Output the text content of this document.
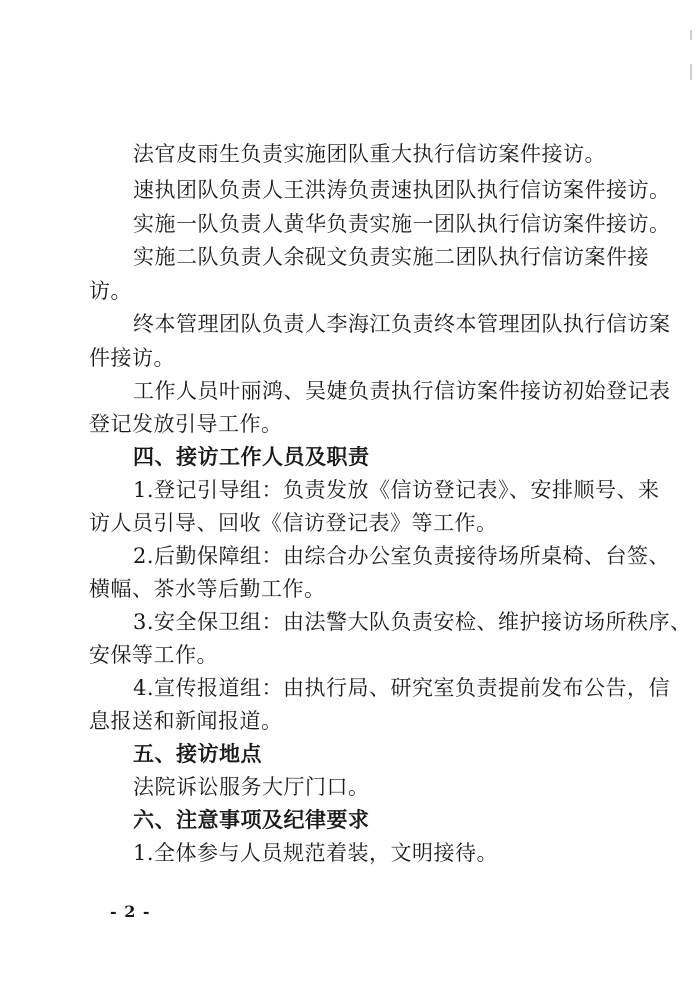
法官皮雨生负责实施团队重大执行信访案件接访。
速执团队负责人王洪涛负责速执团队执行信访案件接访。
实施一队负责人黄华负责实施一团队执行信访案件接访。
实施二队负责人余砚文负责实施二团队执行信访案件接
访。
终本管理团队负责人李海江负责终本管理团队执行信访案
件接访。
工作人员叶丽鸿、吴婕负责执行信访案件接访初始登记表
登记发放引导工作。
四、接访工作人员及职责
1.登记引导组：负责发放《信访登记表》、安排顺号、来
访人员引导、回收《信访登记表》等工作。
2.后勤保障组：由综合办公室负责接待场所桌椅、台签、
横幅、茶水等后勤工作。
3.安全保卫组：由法警大队负责安检、维护接访场所秩序、
安保等工作。
4.宣传报道组：由执行局、研究室负责提前发布公告，信
息报送和新闻报道。
五、接访地点
法院诉讼服务大厅门口。
六、注意事项及纪律要求
1.全体参与人员规范着装，文明接待。
- 2 -
